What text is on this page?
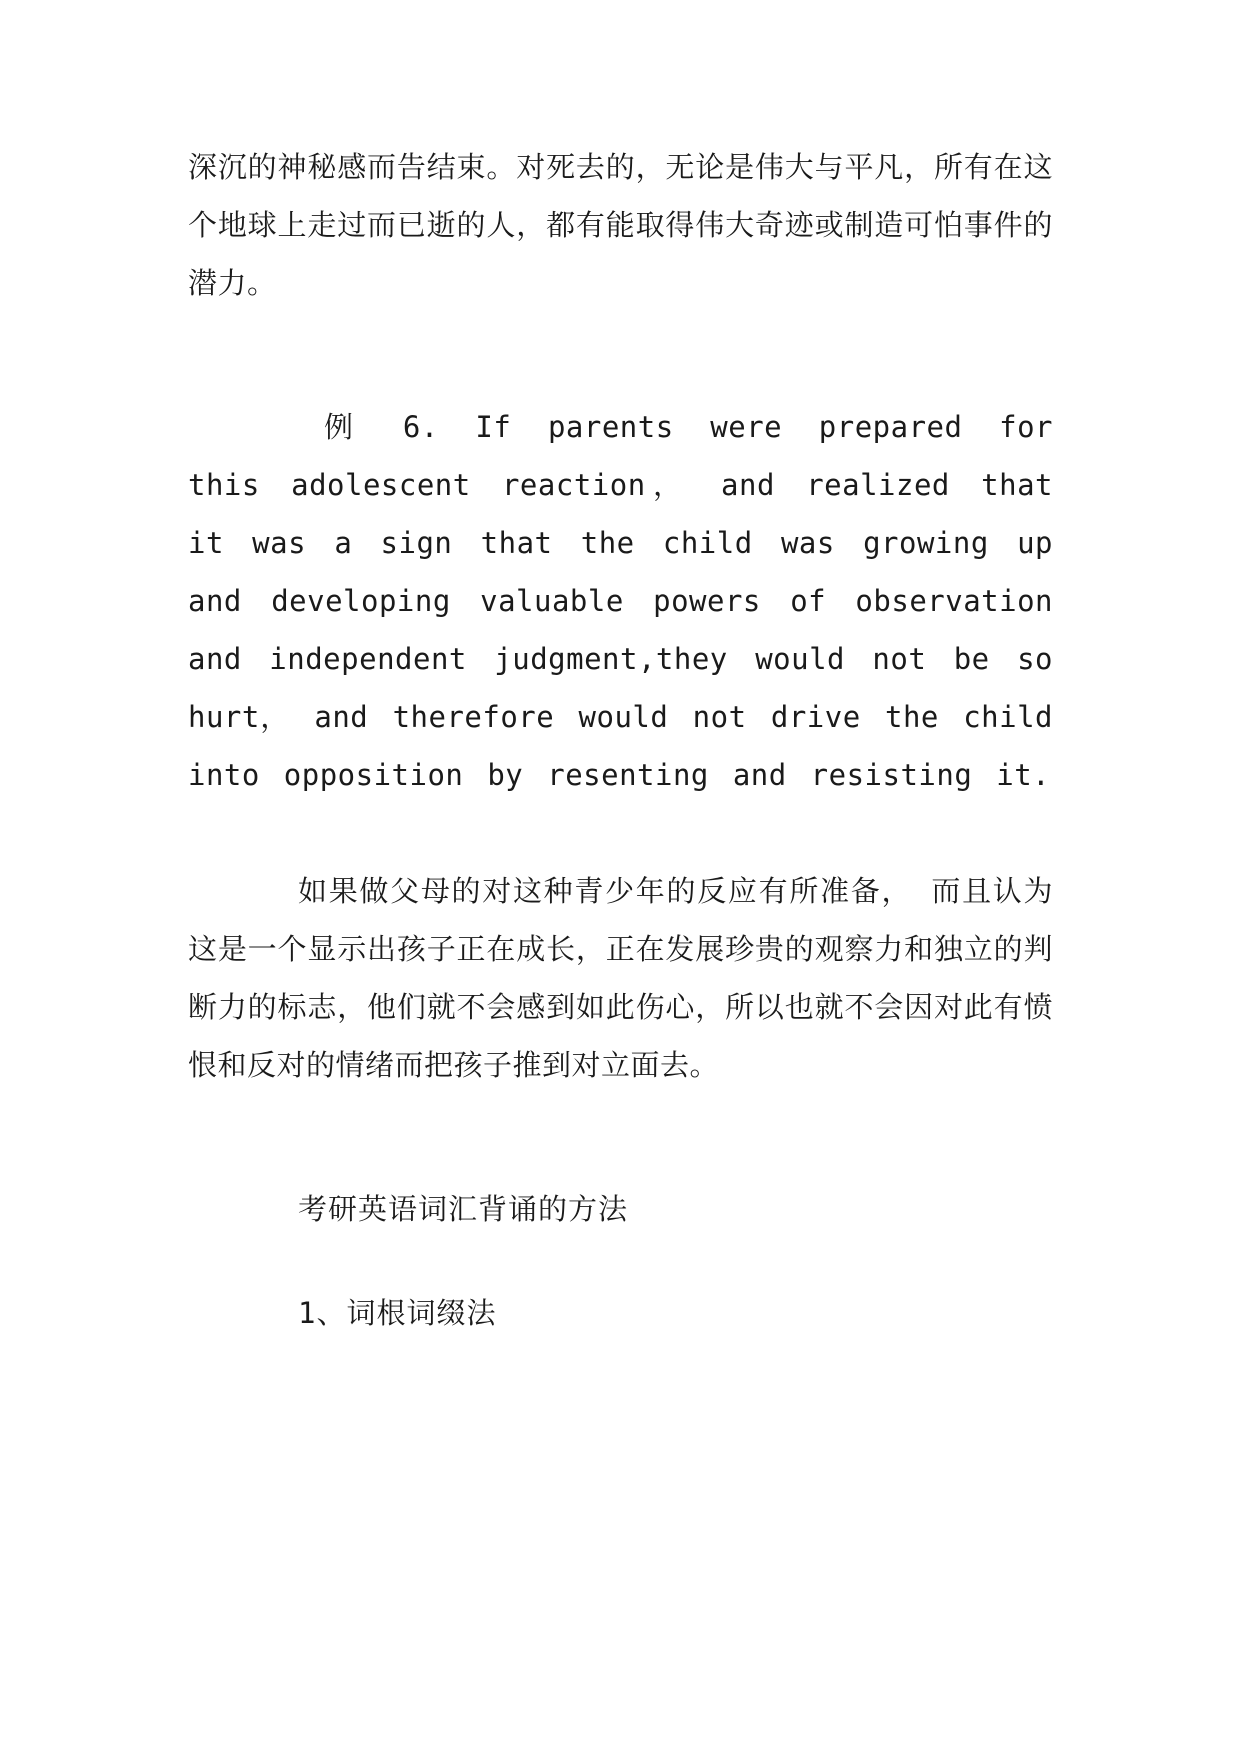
深沉的神秘感而告结束。对死去的，无论是伟大与平凡，所有在这个地球上走过而已逝的人，都有能取得伟大奇迹或制造可怕事件的潜力。

例 6. If parents were prepared for this adolescent reaction， and realized that it was a sign that the child was growing up and developing valuable powers of observation and independent judgment,they would not be so hurt， and therefore would not drive the child into opposition by resenting and resisting it.

如果做父母的对这种青少年的反应有所准备， 而且认为这是一个显示出孩子正在成长，正在发展珍贵的观察力和独立的判断力的标志，他们就不会感到如此伤心，所以也就不会因对此有愤恨和反对的情绪而把孩子推到对立面去。

考研英语词汇背诵的方法

1、词根词缀法
